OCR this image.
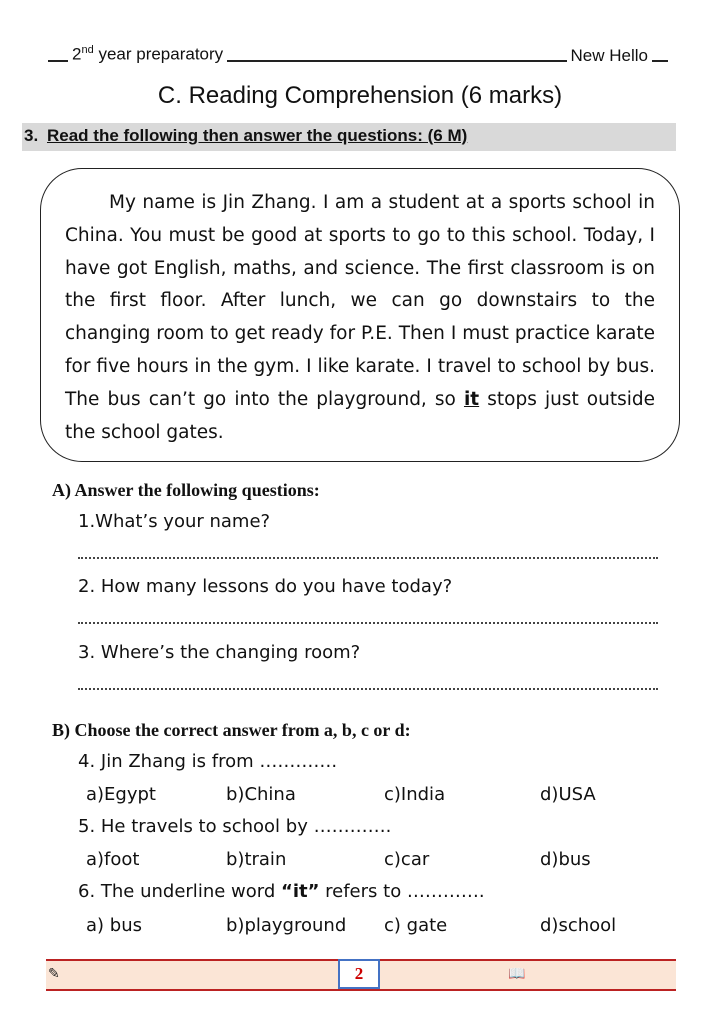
2nd year preparatory	New Hello
C. Reading Comprehension (6 marks)
3. Read the following then answer the questions: (6 M)
My name is Jin Zhang. I am a student at a sports school in China. You must be good at sports to go to this school. Today, I have got English, maths, and science. The first classroom is on the first floor. After lunch, we can go downstairs to the changing room to get ready for P.E. Then I must practice karate for five hours in the gym. I like karate. I travel to school by bus. The bus can’t go into the playground, so it stops just outside the school gates.
A) Answer the following questions:
1.What’s your name?
2. How many lessons do you have today?
3. Where’s the changing room?
B) Choose the correct answer from a, b, c or d:
4. Jin Zhang is from ………….
a)Egypt	b)China	c)India	d)USA
5. He travels to school by ………….
a)foot	b)train	c)car	d)bus
6. The underline word “it” refers to ………….
a) bus	b)playground c) gate	d)school
✎	📖
2
